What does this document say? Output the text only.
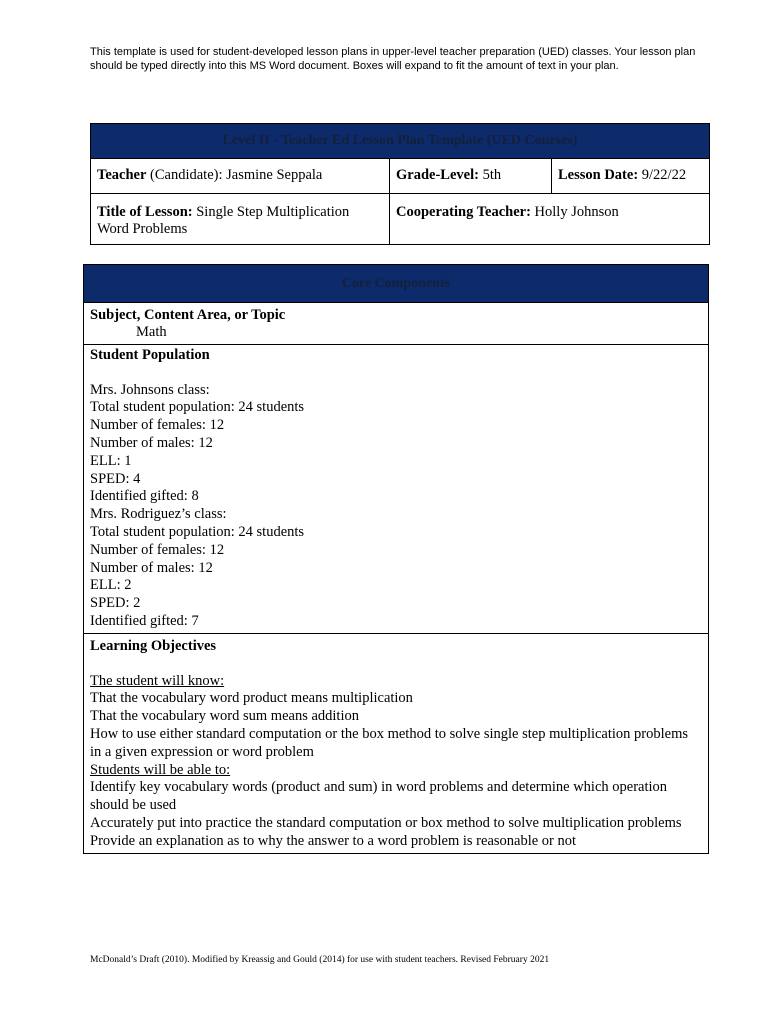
This template is used for student-developed lesson plans in upper-level teacher preparation (UED) classes. Your lesson plan should be typed directly into this MS Word document. Boxes will expand to fit the amount of text in your plan.
Level II - Teacher Ed Lesson Plan Template (UED Courses)
Teacher (Candidate): Jasmine Seppala	Grade-Level: 5th	Lesson Date: 9/22/22
Title of Lesson: Single Step Multiplication Word Problems
Cooperating Teacher: Holly Johnson
Core Components
Subject, Content Area, or Topic
Math
Student Population
Mrs. Johnsons class:
Total student population: 24 students
Number of females: 12
Number of males: 12
ELL: 1
SPED: 4
Identified gifted: 8
Mrs. Rodriguez’s class:
Total student population: 24 students
Number of females: 12
Number of males: 12
ELL: 2
SPED: 2
Identified gifted: 7
Learning Objectives
The student will know:
That the vocabulary word product means multiplication
That the vocabulary word sum means addition
How to use either standard computation or the box method to solve single step multiplication problems in a given expression or word problem
Students will be able to:
Identify key vocabulary words (product and sum) in word problems and determine which operation should be used
Accurately put into practice the standard computation or box method to solve multiplication problems
Provide an explanation as to why the answer to a word problem is reasonable or not
McDonald’s Draft (2010). Modified by Kreassig and Gould (2014) for use with student teachers. Revised February 2021
